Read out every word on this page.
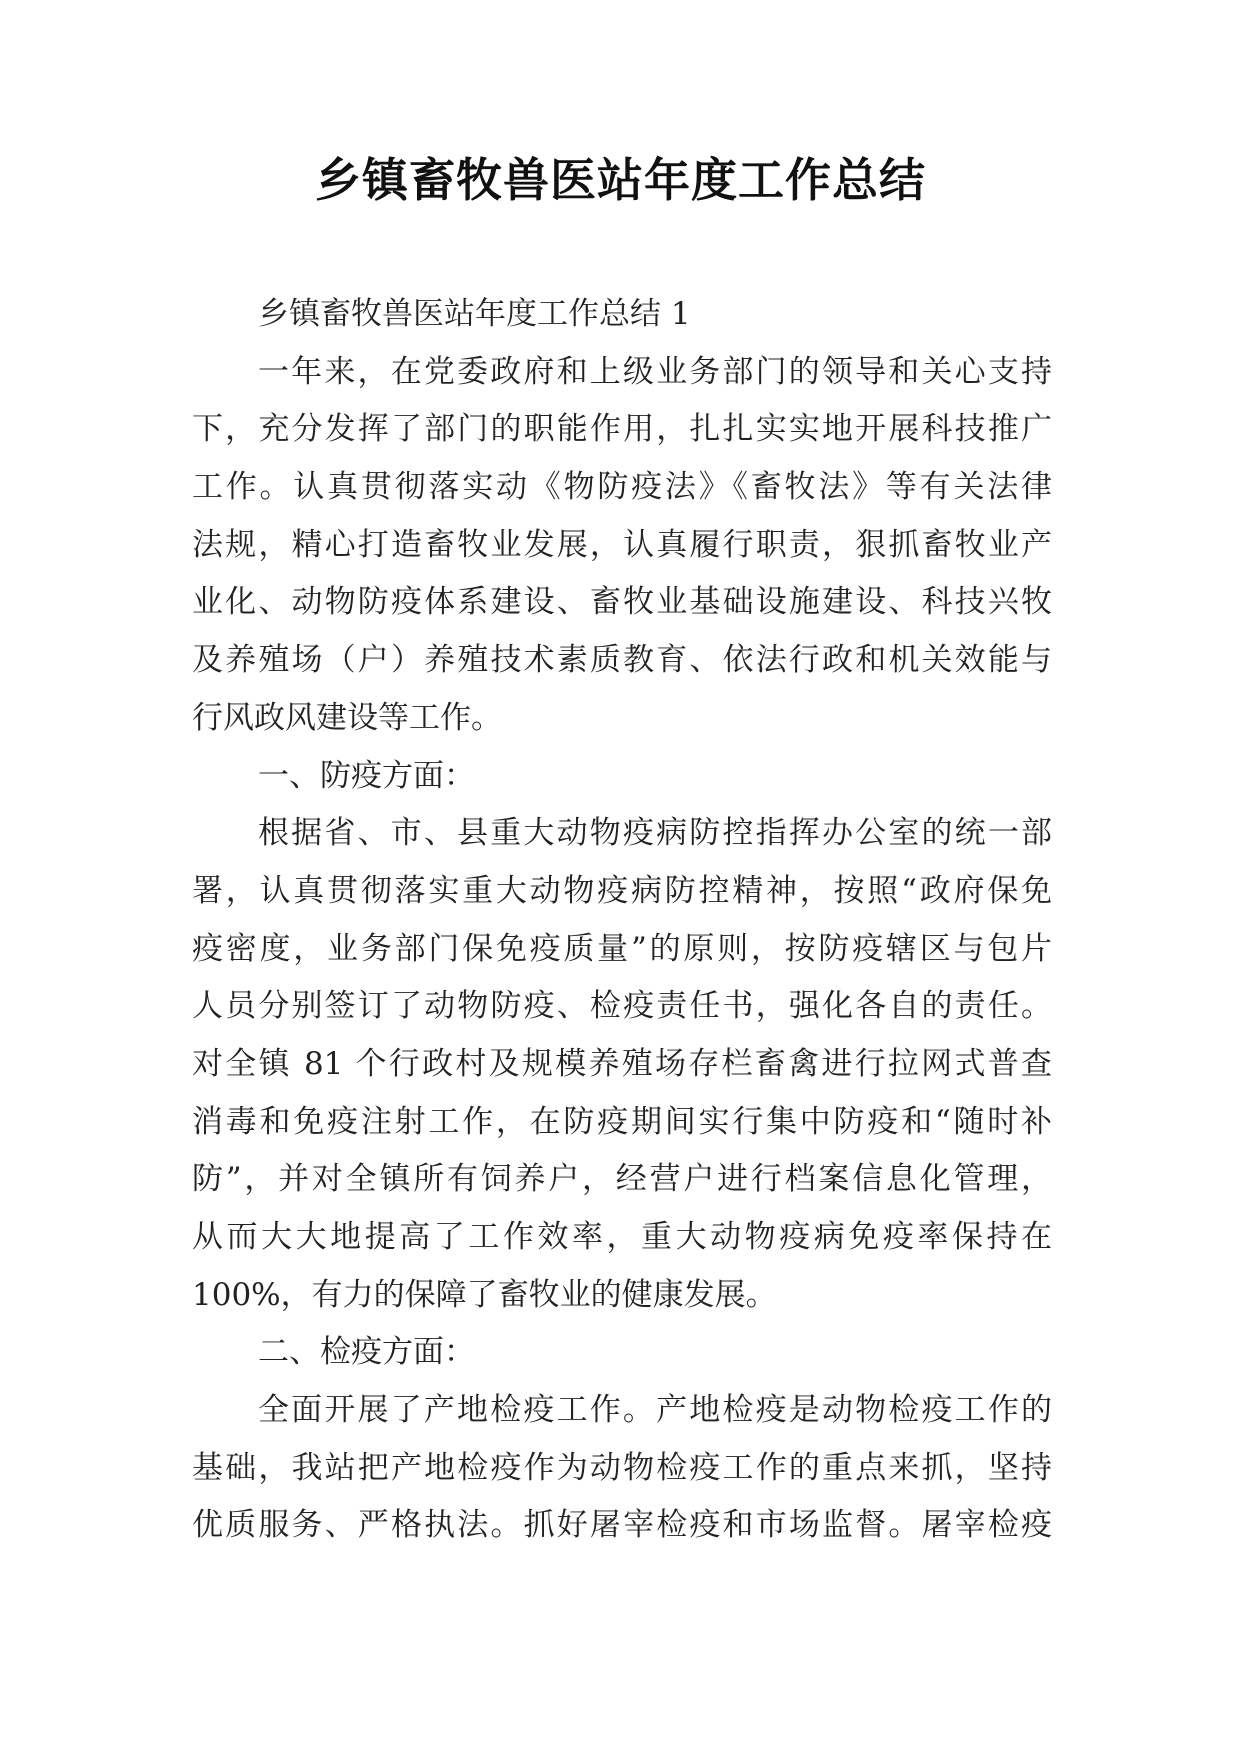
乡镇畜牧兽医站年度工作总结

乡镇畜牧兽医站年度工作总结 1

一年来，在党委政府和上级业务部门的领导和关心支持

下，充分发挥了部门的职能作用，扎扎实实地开展科技推广

工作。认真贯彻落实动《物防疫法》《畜牧法》等有关法律

法规，精心打造畜牧业发展，认真履行职责，狠抓畜牧业产

业化、动物防疫体系建设、畜牧业基础设施建设、科技兴牧

及养殖场（户）养殖技术素质教育、依法行政和机关效能与

行风政风建设等工作。

一、防疫方面：

根据省、市、县重大动物疫病防控指挥办公室的统一部

署，认真贯彻落实重大动物疫病防控精神，按照“政府保免

疫密度，业务部门保免疫质量”的原则，按防疫辖区与包片

人员分别签订了动物防疫、检疫责任书，强化各自的责任。

对全镇 81 个行政村及规模养殖场存栏畜禽进行拉网式普查

消毒和免疫注射工作，在防疫期间实行集中防疫和“随时补

防”，并对全镇所有饲养户，经营户进行档案信息化管理，

从而大大地提高了工作效率，重大动物疫病免疫率保持在

100%，有力的保障了畜牧业的健康发展。

二、检疫方面：

全面开展了产地检疫工作。产地检疫是动物检疫工作的

基础，我站把产地检疫作为动物检疫工作的重点来抓，坚持

优质服务、严格执法。抓好屠宰检疫和市场监督。屠宰检疫
